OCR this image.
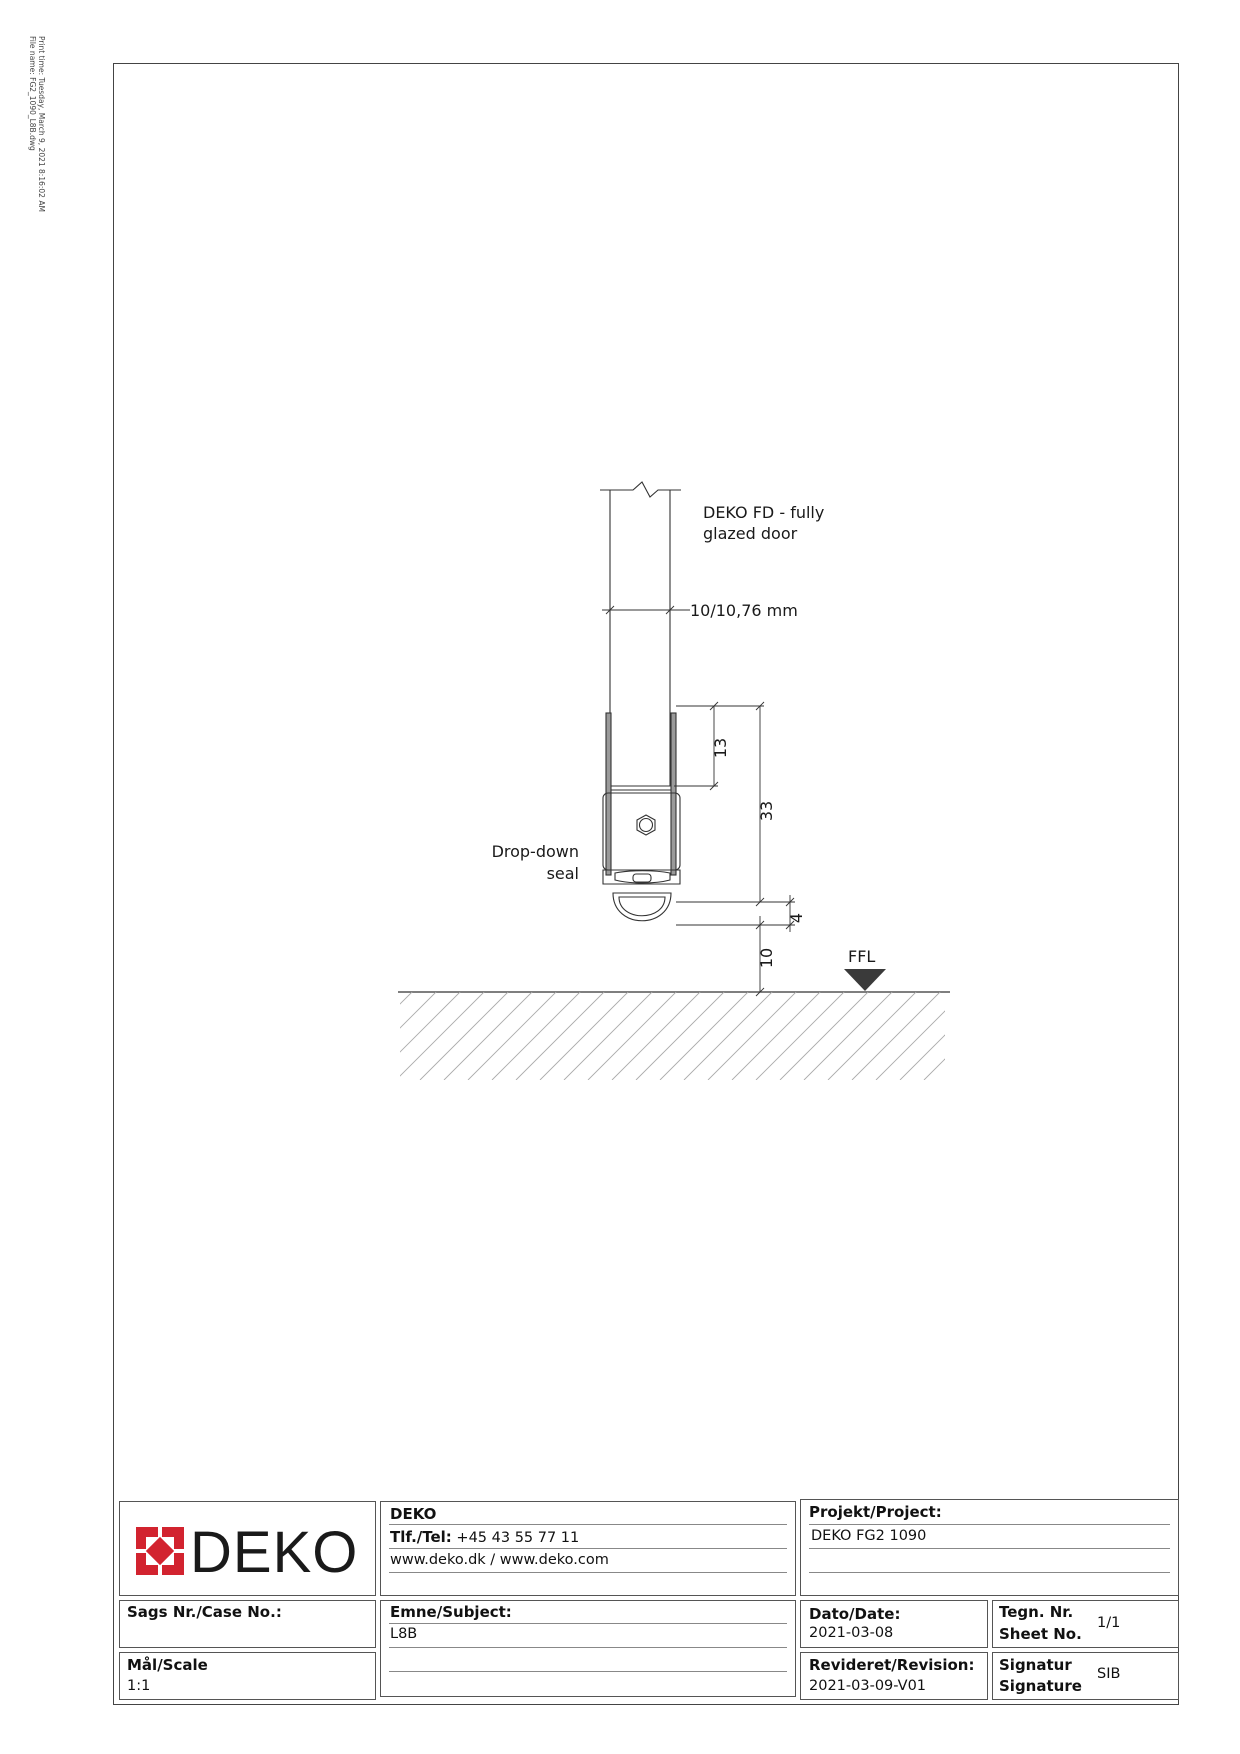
Print time: Tuesday, March 9, 2021 8:16:02 AM
File name: FG2_1090_L8B.dwg
DEKO FD - fully
glazed door
10/10,76 mm
Drop-down
seal
13
33
4
10	FFL
DEKO
DEKO
Tlf./Tel: +45 43 55 77 11
www.deko.dk / www.deko.com
Projekt/Project:
DEKO FG2 1090
Sags Nr./Case No.:	Emne/Subject:
L8B
Dato/Date:
2021-03-08
Tegn. Nr.
Sheet No.
1/1
Mål/Scale
1:1
Revideret/Revision:
2021-03-09-V01
Signatur
Signature
SIB
